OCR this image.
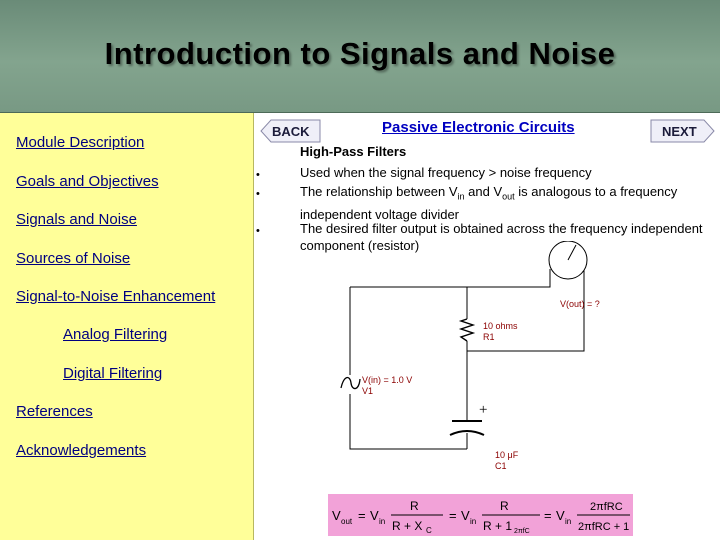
Introduction to Signals and Noise
Module Description
Goals and Objectives
Signals and Noise
Sources of Noise
Signal-to-Noise Enhancement
Analog Filtering
Digital Filtering
References
Acknowledgements
BACK	NEXT
Passive Electronic Circuits
High-Pass Filters
•	Used when the signal frequency > noise frequency
•	The relationship between $V_{in}$ and $V_{out}$ is analogous to a frequency independent voltage divider
•	The desired filter output is obtained across the frequency independent component (resistor)
+
V(out) = ?
10 ohms
R1
V(in) = 1.0 V
V1
10 μF
C1
V out = V in
R
R + X C
= V in
R
R + 1 2πfC
= V in
2πfRC
2πfRC + 1
